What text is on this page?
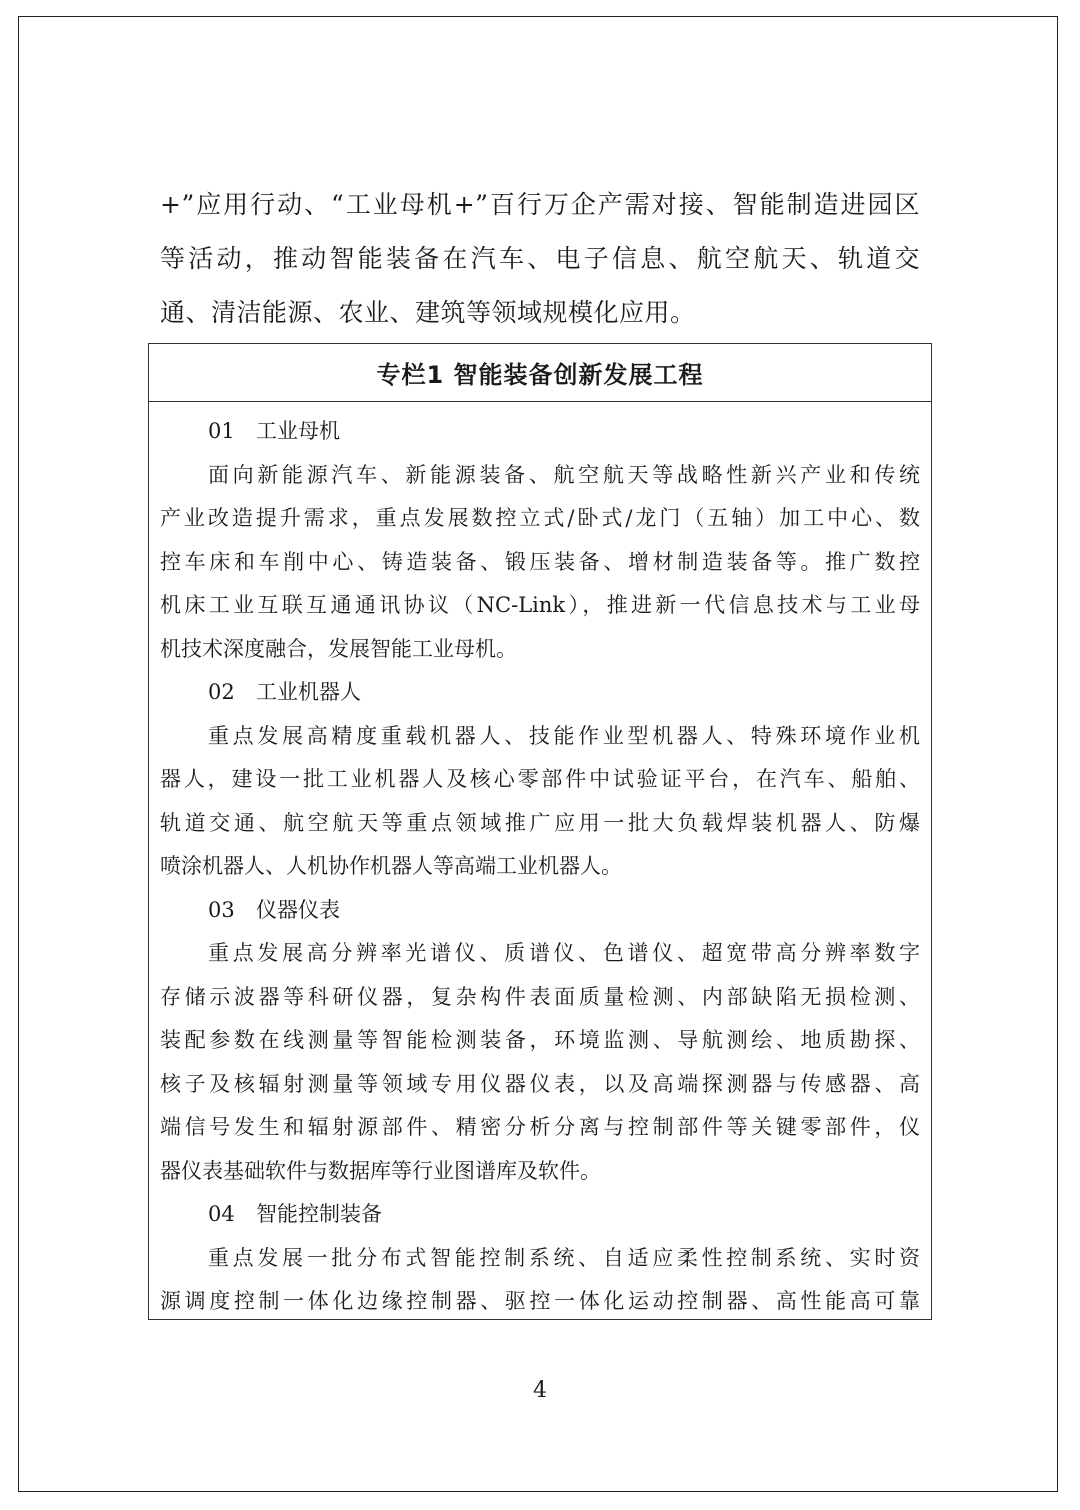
+”应用行动、“工业母机+”百行万企产需对接、智能制造进园区
等活动，推动智能装备在汽车、电子信息、航空航天、轨道交
通、清洁能源、农业、建筑等领域规模化应用。
专栏1 智能装备创新发展工程
01 工业母机
面向新能源汽车、新能源装备、航空航天等战略性新兴产业和传统
产业改造提升需求，重点发展数控立式/卧式/龙门（五轴）加工中心、数
控车床和车削中心、铸造装备、锻压装备、增材制造装备等。推广数控
机床工业互联互通通讯协议（NC-Link），推进新一代信息技术与工业母
机技术深度融合，发展智能工业母机。
02 工业机器人
重点发展高精度重载机器人、技能作业型机器人、特殊环境作业机
器人，建设一批工业机器人及核心零部件中试验证平台，在汽车、船舶、
轨道交通、航空航天等重点领域推广应用一批大负载焊装机器人、防爆
喷涂机器人、人机协作机器人等高端工业机器人。
03 仪器仪表
重点发展高分辨率光谱仪、质谱仪、色谱仪、超宽带高分辨率数字
存储示波器等科研仪器，复杂构件表面质量检测、内部缺陷无损检测、
装配参数在线测量等智能检测装备，环境监测、导航测绘、地质勘探、
核子及核辐射测量等领域专用仪器仪表，以及高端探测器与传感器、高
端信号发生和辐射源部件、精密分析分离与控制部件等关键零部件，仪
器仪表基础软件与数据库等行业图谱库及软件。
04 智能控制装备
重点发展一批分布式智能控制系统、自适应柔性控制系统、实时资
源调度控制一体化边缘控制器、驱控一体化运动控制器、高性能高可靠
4
